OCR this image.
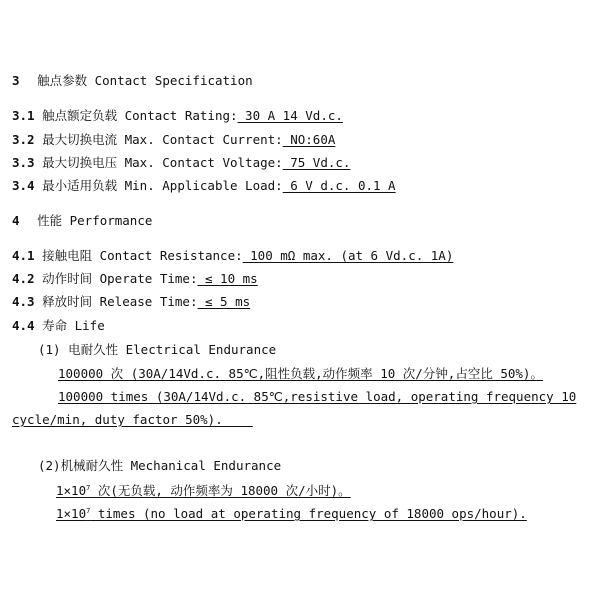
3 触点参数 Contact Specification
3.1 触点额定负载 Contact Rating: 30 A 14 Vd.c.
3.2 最大切换电流 Max. Contact Current: NO:60A
3.3 最大切换电压 Max. Contact Voltage: 75 Vd.c.
3.4 最小适用负载 Min. Applicable Load: 6 V d.c. 0.1 A
4 性能 Performance
4.1 接触电阻 Contact Resistance: 100 mΩ max. (at 6 Vd.c. 1A)
4.2 动作时间 Operate Time: ≤ 10 ms
4.3 释放时间 Release Time: ≤ 5 ms
4.4 寿命 Life
(1) 电耐久性 Electrical Endurance
100000 次 (30A/14Vd.c. 85℃,阻性负载,动作频率 10 次/分钟,占空比 50%)。
100000 times (30A/14Vd.c. 85℃,resistive load, operating frequency 10
cycle/min, duty factor 50%).
(2)机械耐久性 Mechanical Endurance
$1\times 10^7$ 次(无负载, 动作频率为 18000 次/小时)。
$1\times 10^7$ times (no load at operating frequency of 18000 ops/hour).
